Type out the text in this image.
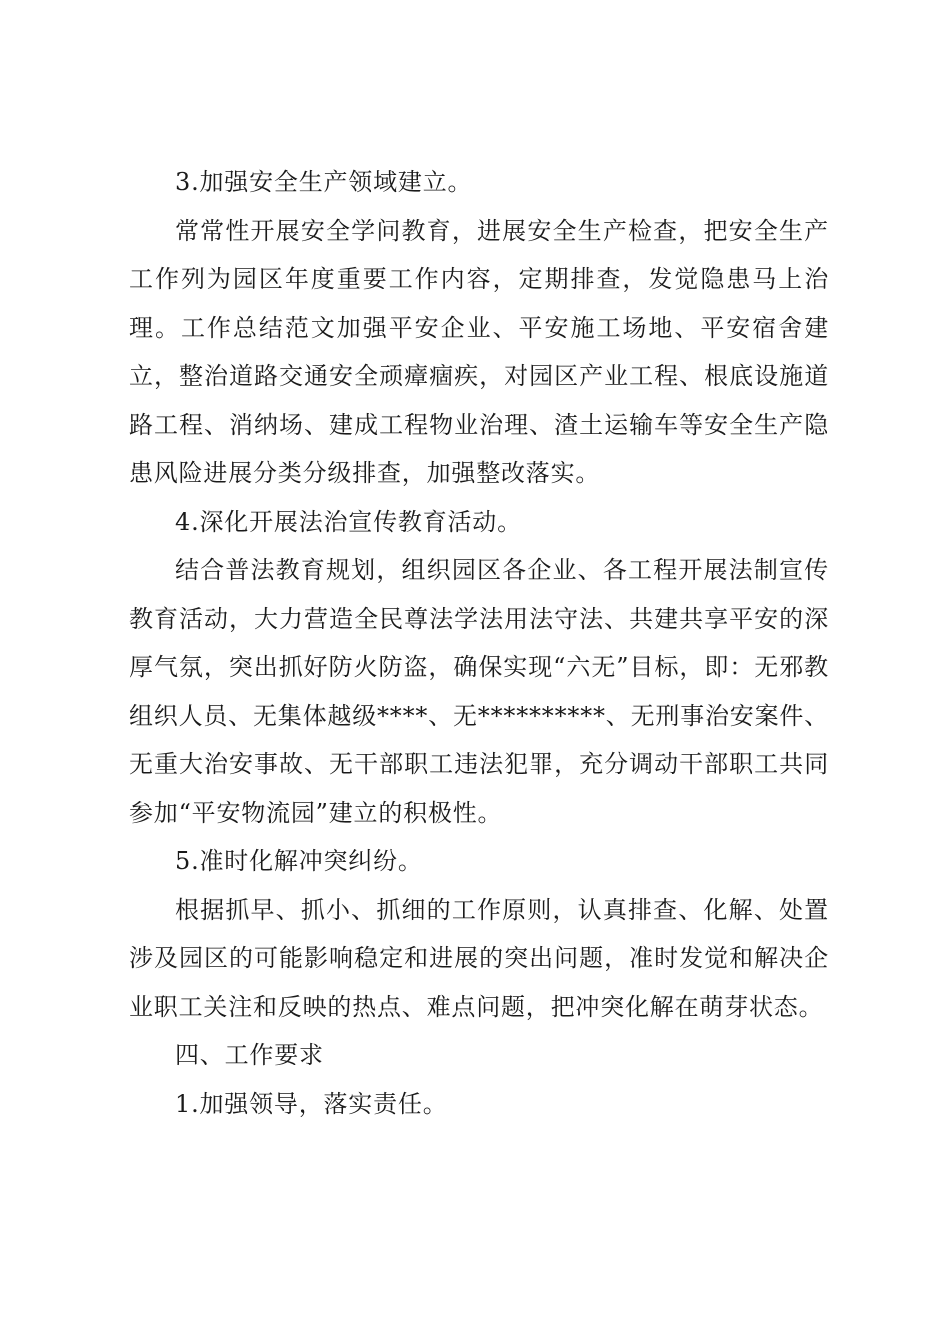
3.加强安全生产领域建立。

常常性开展安全学问教育，进展安全生产检查，把安全生产工作列为园区年度重要工作内容，定期排查，发觉隐患马上治理。工作总结范文加强平安企业、平安施工场地、平安宿舍建立，整治道路交通安全顽瘴痼疾，对园区产业工程、根底设施道路工程、消纳场、建成工程物业治理、渣土运输车等安全生产隐患风险进展分类分级排查，加强整改落实。

4.深化开展法治宣传教育活动。

结合普法教育规划，组织园区各企业、各工程开展法制宣传教育活动，大力营造全民尊法学法用法守法、共建共享平安的深厚气氛，突出抓好防火防盗，确保实现“六无”目标，即：无邪教组织人员、无集体越级****、无**********、无刑事治安案件、无重大治安事故、无干部职工违法犯罪，充分调动干部职工共同参加“平安物流园”建立的积极性。

5.准时化解冲突纠纷。

根据抓早、抓小、抓细的工作原则，认真排查、化解、处置涉及园区的可能影响稳定和进展的突出问题，准时发觉和解决企业职工关注和反映的热点、难点问题，把冲突化解在萌芽状态。

四、工作要求

1.加强领导，落实责任。
